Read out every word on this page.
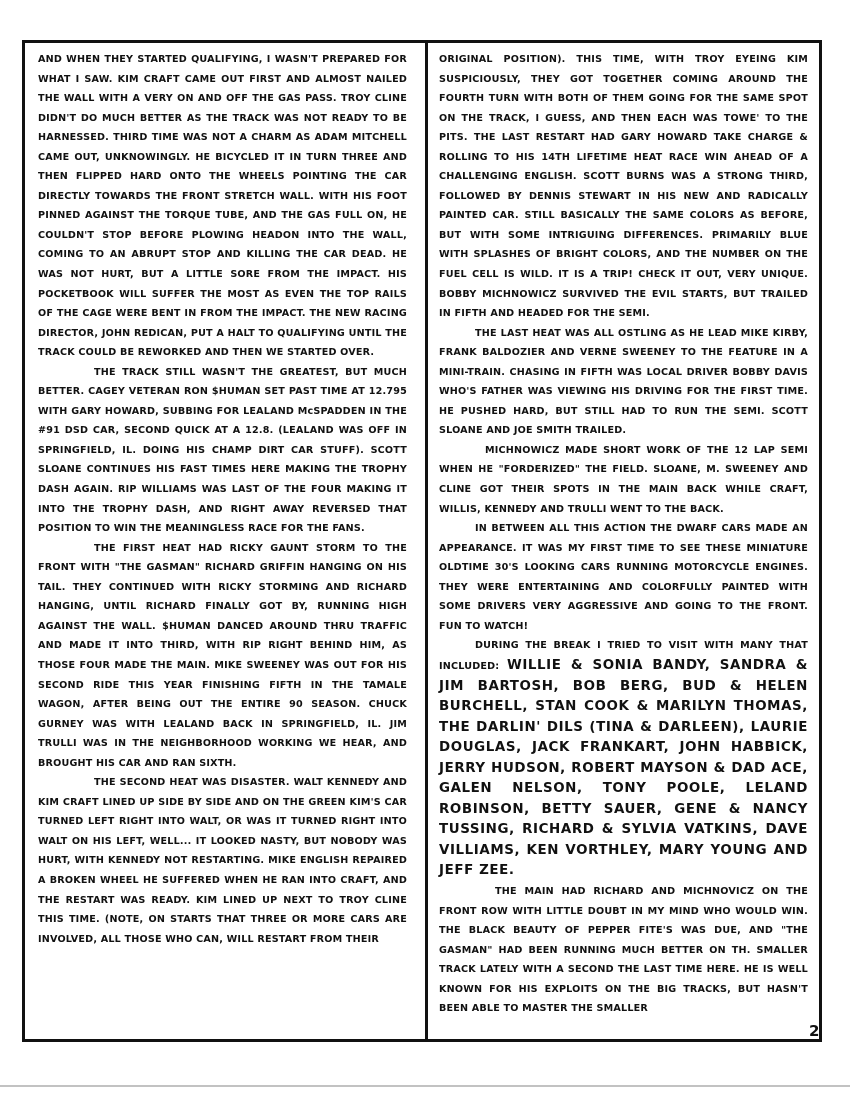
AND WHEN THEY STARTED QUALIFYING, I WASN'T PREPARED FOR WHAT I SAW. KIM CRAFT CAME OUT FIRST AND ALMOST NAILED THE WALL WITH A VERY ON AND OFF THE GAS PASS. TROY CLINE DIDN'T DO MUCH BETTER AS THE TRACK WAS NOT READY TO BE HARNESSED. THIRD TIME WAS NOT A CHARM AS ADAM MITCHELL CAME OUT, UNKNOWINGLY. HE BICYCLED IT IN TURN THREE AND THEN FLIPPED HARD ONTO THE WHEELS POINTING THE CAR DIRECTLY TOWARDS THE FRONT STRETCH WALL. WITH HIS FOOT PINNED AGAINST THE TORQUE TUBE, AND THE GAS FULL ON, HE COULDN'T STOP BEFORE PLOWING HEADON INTO THE WALL, COMING TO AN ABRUPT STOP AND KILLING THE CAR DEAD. HE WAS NOT HURT, BUT A LITTLE SORE FROM THE IMPACT. HIS POCKETBOOK WILL SUFFER THE MOST AS EVEN THE TOP RAILS OF THE CAGE WERE BENT IN FROM THE IMPACT. THE NEW RACING DIRECTOR, JOHN REDICAN, PUT A HALT TO QUALIFYING UNTIL THE TRACK COULD BE REWORKED AND THEN WE STARTED OVER.

THE TRACK STILL WASN'T THE GREATEST, BUT MUCH BETTER. CAGEY VETERAN RON $HUMAN SET PAST TIME AT 12.795 WITH GARY HOWARD, SUBBING FOR LEALAND McSPADDEN IN THE #91 DSD CAR, SECOND QUICK AT A 12.8. (LEALAND WAS OFF IN SPRINGFIELD, IL. DOING HIS CHAMP DIRT CAR STUFF). SCOTT SLOANE CONTINUES HIS FAST TIMES HERE MAKING THE TROPHY DASH AGAIN. RIP WILLIAMS WAS LAST OF THE FOUR MAKING IT INTO THE TROPHY DASH, AND RIGHT AWAY REVERSED THAT POSITION TO WIN THE MEANINGLESS RACE FOR THE FANS.

THE FIRST HEAT HAD RICKY GAUNT STORM TO THE FRONT WITH "THE GASMAN" RICHARD GRIFFIN HANGING ON HIS TAIL. THEY CONTINUED WITH RICKY STORMING AND RICHARD HANGING, UNTIL RICHARD FINALLY GOT BY, RUNNING HIGH AGAINST THE WALL. $HUMAN DANCED AROUND THRU TRAFFIC AND MADE IT INTO THIRD, WITH RIP RIGHT BEHIND HIM, AS THOSE FOUR MADE THE MAIN. MIKE SWEENEY WAS OUT FOR HIS SECOND RIDE THIS YEAR FINISHING FIFTH IN THE TAMALE WAGON, AFTER BEING OUT THE ENTIRE 90 SEASON. CHUCK GURNEY WAS WITH LEALAND BACK IN SPRINGFIELD, IL. JIM TRULLI WAS IN THE NEIGHBORHOOD WORKING WE HEAR, AND BROUGHT HIS CAR AND RAN SIXTH.

THE SECOND HEAT WAS DISASTER. WALT KENNEDY AND KIM CRAFT LINED UP SIDE BY SIDE AND ON THE GREEN KIM'S CAR TURNED LEFT RIGHT INTO WALT, OR WAS IT TURNED RIGHT INTO WALT ON HIS LEFT, WELL... IT LOOKED NASTY, BUT NOBODY WAS HURT, WITH KENNEDY NOT RESTARTING. MIKE ENGLISH REPAIRED A BROKEN WHEEL HE SUFFERED WHEN HE RAN INTO CRAFT, AND THE RESTART WAS READY. KIM LINED UP NEXT TO TROY CLINE THIS TIME. (NOTE, ON STARTS THAT THREE OR MORE CARS ARE INVOLVED, ALL THOSE WHO CAN, WILL RESTART FROM THEIR

ORIGINAL POSITION). THIS TIME, WITH TROY EYEING KIM SUSPICIOUSLY, THEY GOT TOGETHER COMING AROUND THE FOURTH TURN WITH BOTH OF THEM GOING FOR THE SAME SPOT ON THE TRACK, I GUESS, AND THEN EACH WAS TOWE' TO THE PITS. THE LAST RESTART HAD GARY HOWARD TAKE CHARGE & ROLLING TO HIS 14TH LIFETIME HEAT RACE WIN AHEAD OF A CHALLENGING ENGLISH. SCOTT BURNS WAS A STRONG THIRD, FOLLOWED BY DENNIS STEWART IN HIS NEW AND RADICALLY PAINTED CAR. STILL BASICALLY THE SAME COLORS AS BEFORE, BUT WITH SOME INTRIGUING DIFFERENCES. PRIMARILY BLUE WITH SPLASHES OF BRIGHT COLORS, AND THE NUMBER ON THE FUEL CELL IS WILD. IT IS A TRIP! CHECK IT OUT, VERY UNIQUE. BOBBY MICHNOWICZ SURVIVED THE EVIL STARTS, BUT TRAILED IN FIFTH AND HEADED FOR THE SEMI.

THE LAST HEAT WAS ALL OSTLING AS HE LEAD MIKE KIRBY, FRANK BALDOZIER AND VERNE SWEENEY TO THE FEATURE IN A MINI-TRAIN. CHASING IN FIFTH WAS LOCAL DRIVER BOBBY DAVIS WHO'S FATHER WAS VIEWING HIS DRIVING FOR THE FIRST TIME. HE PUSHED HARD, BUT STILL HAD TO RUN THE SEMI. SCOTT SLOANE AND JOE SMITH TRAILED.

MICHNOWICZ MADE SHORT WORK OF THE 12 LAP SEMI WHEN HE "FORDERIZED" THE FIELD. SLOANE, M. SWEENEY AND CLINE GOT THEIR SPOTS IN THE MAIN BACK WHILE CRAFT, WILLIS, KENNEDY AND TRULLI WENT TO THE BACK.

IN BETWEEN ALL THIS ACTION THE DWARF CARS MADE AN APPEARANCE. IT WAS MY FIRST TIME TO SEE THESE MINIATURE OLDTIME 30'S LOOKING CARS RUNNING MOTORCYCLE ENGINES. THEY WERE ENTERTAINING AND COLORFULLY PAINTED WITH SOME DRIVERS VERY AGGRESSIVE AND GOING TO THE FRONT. FUN TO WATCH!

DURING THE BREAK I TRIED TO VISIT WITH MANY THAT INCLUDED: WILLIE & SONIA BANDY, SANDRA & JIM BARTOSH, BOB BERG, BUD & HELEN BURCHELL, STAN COOK & MARILYN THOMAS, THE DARLIN' DILS (TINA & DARLEEN), LAURIE DOUGLAS, JACK FRANKART, JOHN HABBICK, JERRY HUDSON, ROBERT MAYSON & DAD ACE, GALEN NELSON, TONY POOLE, LELAND ROBINSON, BETTY SAUER, GENE & NANCY TUSSING, RICHARD & SYLVIA VATKINS, DAVE VILLIAMS, KEN VORTHLEY, MARY YOUNG AND JEFF ZEE.

THE MAIN HAD RICHARD AND MICHNOVICZ ON THE FRONT ROW WITH LITTLE DOUBT IN MY MIND WHO WOULD WIN. THE BLACK BEAUTY OF PEPPER FITE'S WAS DUE, AND "THE GASMAN" HAD BEEN RUNNING MUCH BETTER ON TH. SMALLER TRACK LATELY WITH A SECOND THE LAST TIME HERE. HE IS WELL KNOWN FOR HIS EXPLOITS ON THE BIG TRACKS, BUT HASN'T BEEN ABLE TO MASTER THE SMALLER

2
